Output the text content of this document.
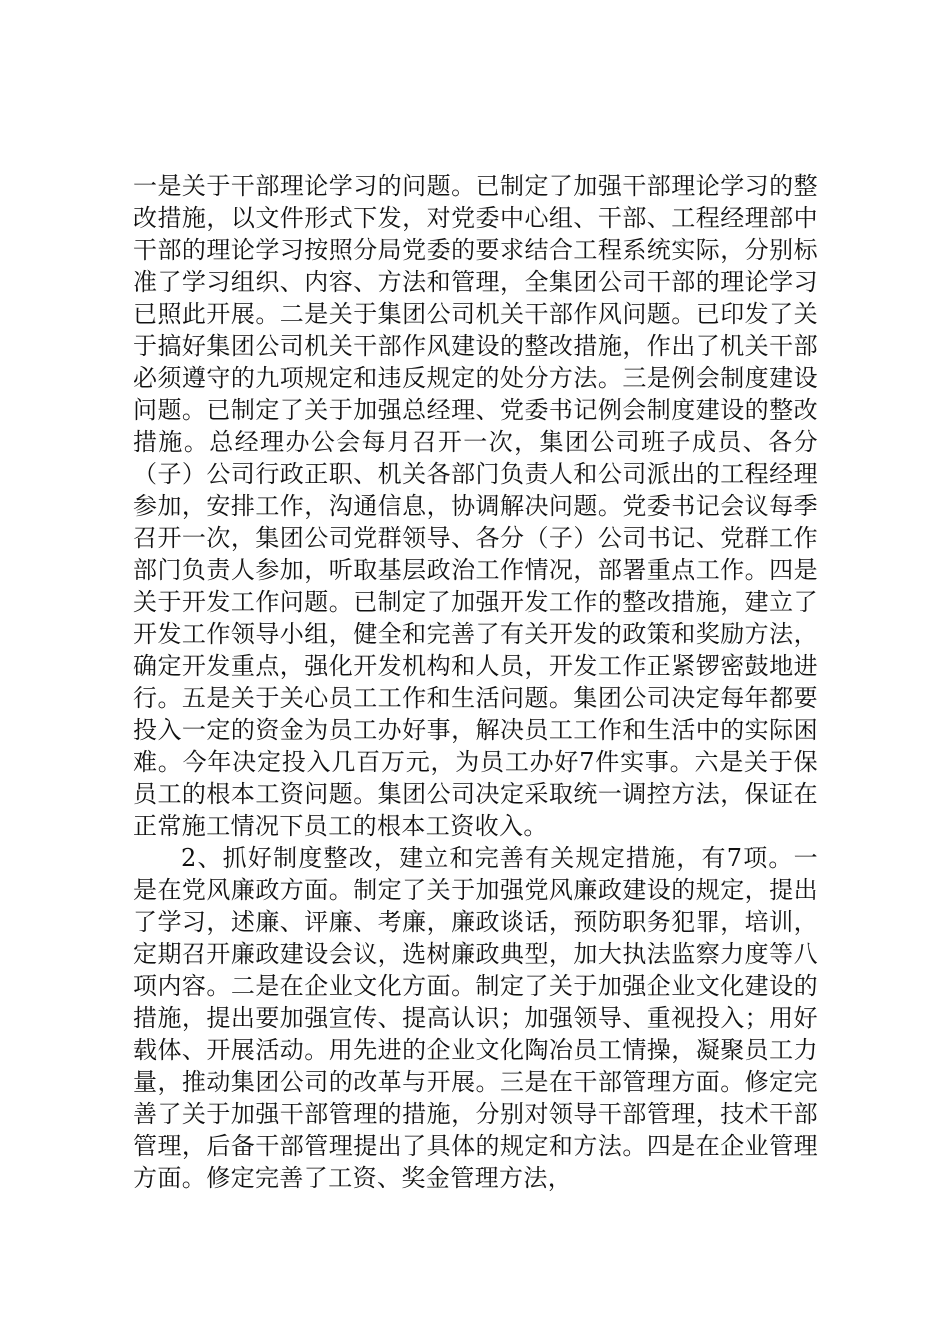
一是关于干部理论学习的问题。已制定了加强干部理论学习的整改措施，以文件形式下发，对党委中心组、干部、工程经理部中干部的理论学习按照分局党委的要求结合工程系统实际，分别标准了学习组织、内容、方法和管理，全集团公司干部的理论学习已照此开展。二是关于集团公司机关干部作风问题。已印发了关于搞好集团公司机关干部作风建设的整改措施，作出了机关干部必须遵守的九项规定和违反规定的处分方法。三是例会制度建设问题。已制定了关于加强总经理、党委书记例会制度建设的整改措施。总经理办公会每月召开一次，集团公司班子成员、各分（子）公司行政正职、机关各部门负责人和公司派出的工程经理参加，安排工作，沟通信息，协调解决问题。党委书记会议每季召开一次，集团公司党群领导、各分（子）公司书记、党群工作部门负责人参加，听取基层政治工作情况，部署重点工作。四是关于开发工作问题。已制定了加强开发工作的整改措施，建立了开发工作领导小组，健全和完善了有关开发的政策和奖励方法，确定开发重点，强化开发机构和人员，开发工作正紧锣密鼓地进行。五是关于关心员工工作和生活问题。集团公司决定每年都要投入一定的资金为员工办好事，解决员工工作和生活中的实际困难。今年决定投入几百万元，为员工办好7件实事。六是关于保员工的根本工资问题。集团公司决定采取统一调控方法，保证在正常施工情况下员工的根本工资收入。

2、抓好制度整改，建立和完善有关规定措施，有7项。一是在党风廉政方面。制定了关于加强党风廉政建设的规定，提出了学习，述廉、评廉、考廉，廉政谈话，预防职务犯罪，培训，定期召开廉政建设会议，选树廉政典型，加大执法监察力度等八项内容。二是在企业文化方面。制定了关于加强企业文化建设的措施，提出要加强宣传、提高认识；加强领导、重视投入；用好载体、开展活动。用先进的企业文化陶冶员工情操，凝聚员工力量，推动集团公司的改革与开展。三是在干部管理方面。修定完善了关于加强干部管理的措施，分别对领导干部管理，技术干部管理，后备干部管理提出了具体的规定和方法。四是在企业管理方面。修定完善了工资、奖金管理方法，
